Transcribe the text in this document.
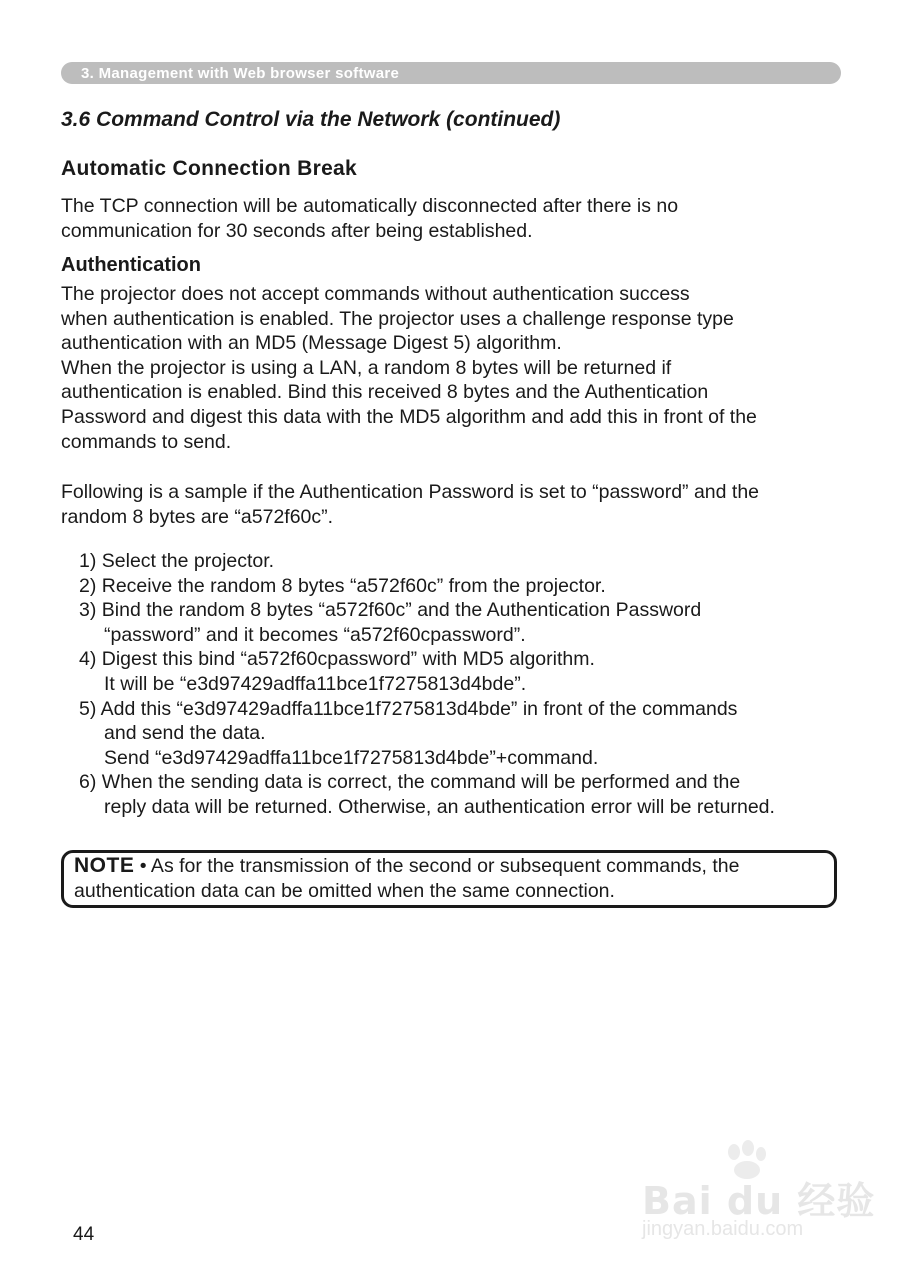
3. Management with Web browser software
3.6 Command Control via the Network (continued)
Automatic Connection Break
The TCP connection will be automatically disconnected after there is no
communication for 30 seconds after being established.
Authentication
The projector does not accept commands without authentication success
when authentication is enabled. The projector uses a challenge response type
authentication with an MD5 (Message Digest 5) algorithm.
When the projector is using a LAN, a random 8 bytes will be returned if
authentication is enabled. Bind this received 8 bytes and the Authentication
Password and digest this data with the MD5 algorithm and add this in front of the
commands to send.
Following is a sample if the Authentication Password is set to “password” and the
random 8 bytes are “a572f60c”.
1) Select the projector.
2) Receive the random 8 bytes “a572f60c” from the projector.
3) Bind the random 8 bytes “a572f60c” and the Authentication Password
“password” and it becomes “a572f60cpassword”.
4) Digest this bind “a572f60cpassword” with MD5 algorithm.
It will be “e3d97429adffa11bce1f7275813d4bde”.
5) Add this “e3d97429adffa11bce1f7275813d4bde” in front of the commands
and send the data.
Send “e3d97429adffa11bce1f7275813d4bde”+command.
6) When the sending data is correct, the command will be performed and the
reply data will be returned. Otherwise, an authentication error will be returned.
NOTE • As for the transmission of the second or subsequent commands, the
authentication data can be omitted when the same connection.
44
Bai du 经验
jingyan.baidu.com
